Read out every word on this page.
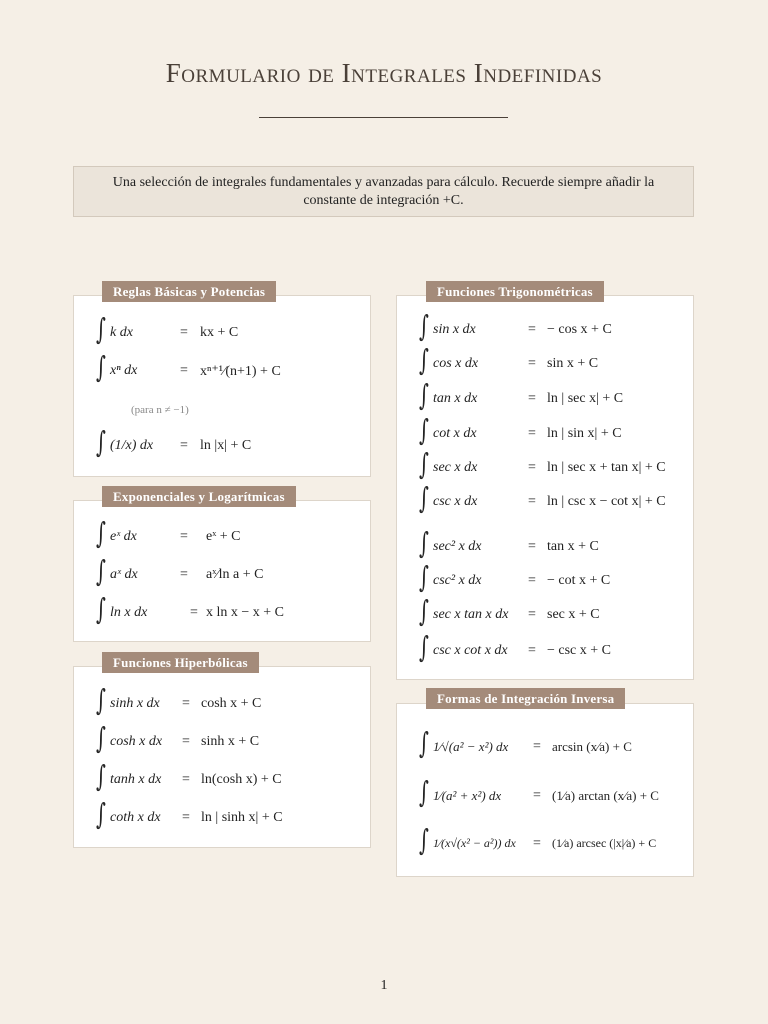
Formulario de Integrales Indefinidas
Una selección de integrales fundamentales y avanzadas para cálculo. Recuerde siempre añadir la constante de integración +C.
∫ k dx	= kx + C
∫ xⁿ dx	= xⁿ⁺¹⁄(n+1) + C
(para n ≠ −1)
∫ (1/x) dx = ln |x| + C
Reglas Básicas y Potencias
∫ eˣ dx	= eˣ + C
∫ aˣ dx	= aˣ⁄ln a + C
∫ ln x dx	= x ln x − x + C
Exponenciales y Logarítmicas
∫ sinh x dx = cosh x + C
∫ cosh x dx = sinh x + C
∫ tanh x dx = ln(cosh x) + C
∫ coth x dx = ln | sinh x| + C
Funciones Hiperbólicas
∫ sin x dx	= − cos x + C
∫ cos x dx	= sin x + C
∫ tan x dx	= ln | sec x| + C
∫ cot x dx	= ln | sin x| + C
∫ sec x dx	= ln | sec x + tan x| + C
∫ csc x dx	= ln | csc x − cot x| + C
∫ sec² x dx	= tan x + C
∫ csc² x dx	= − cot x + C
∫ sec x tan x dx = sec x + C
∫ csc x cot x dx = − csc x + C
Funciones Trigonométricas
∫ 1⁄√(a² − x²) dx = arcsin (x⁄a) + C
∫ 1⁄(a² + x²) dx = (1⁄a) arctan (x⁄a) + C
∫ 1⁄(x√(x² − a²)) dx = (1⁄a) arcsec (|x|⁄a) + C
Formas de Integración Inversa
1
